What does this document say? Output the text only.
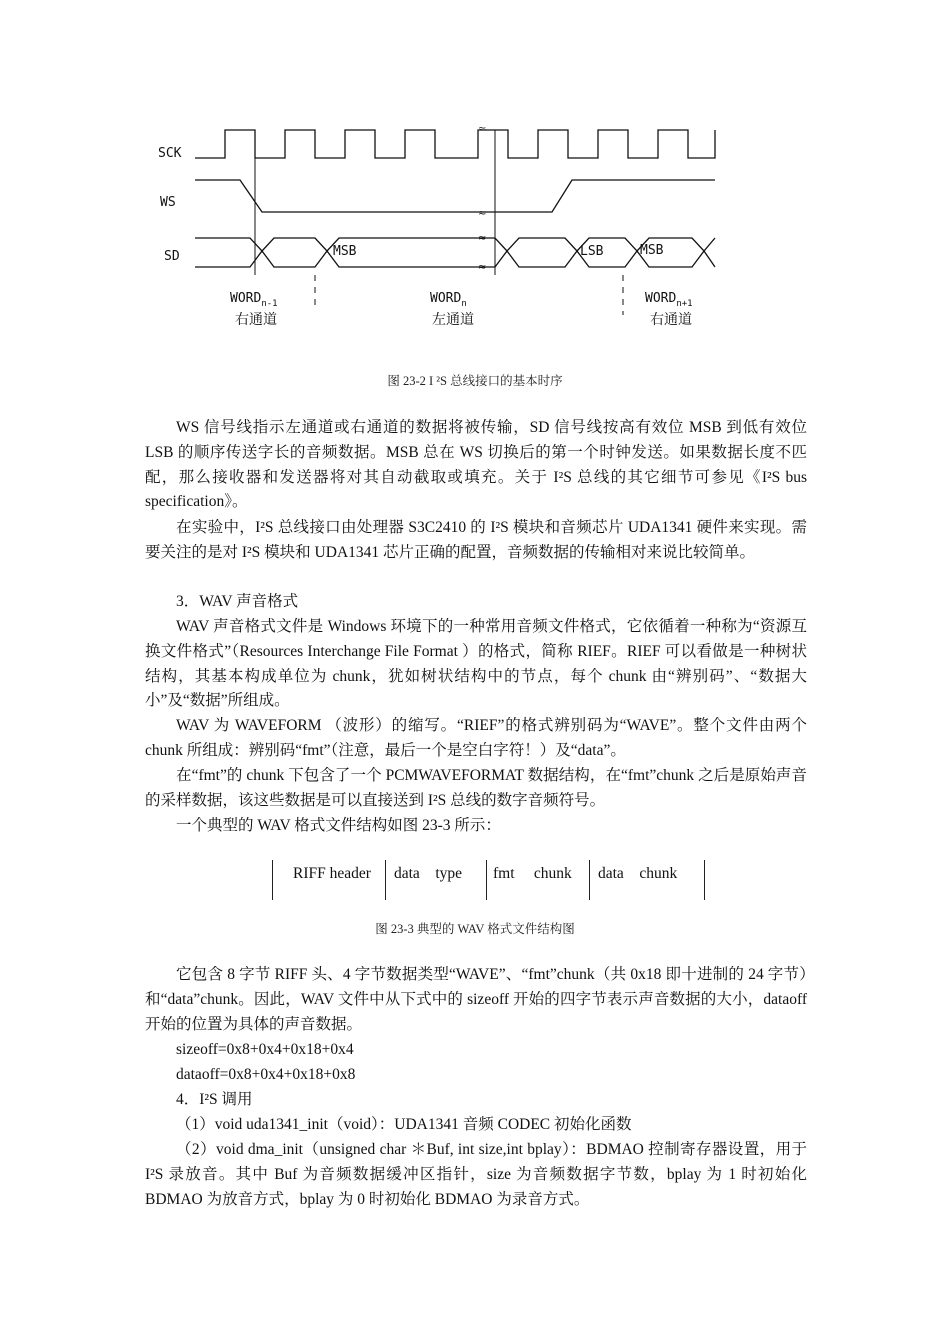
≈
≈
≈
≈
SCK
WS
SD	MSB	LSB	MSB
$WORD_{n-1}$	$WORD_n$	$WORD_{n+1}$
右通道	左通道	右通道
图 23-2 I ²S 总线接口的基本时序
WS 信号线指示左通道或右通道的数据将被传输，SD 信号线按高有效位 MSB 到低有效位 LSB 的顺序传送字长的音频数据。MSB 总在 WS 切换后的第一个时钟发送。如果数据长度不匹配，那么接收器和发送器将对其自动截取或填充。关于 I²S 总线的其它细节可参见《I²S bus specification》。
在实验中，I²S 总线接口由处理器 S3C2410 的 I²S 模块和音频芯片 UDA1341 硬件来实现。需要关注的是对 I²S 模块和 UDA1341 芯片正确的配置，音频数据的传输相对来说比较简单。
3．WAV 声音格式
WAV 声音格式文件是 Windows 环境下的一种常用音频文件格式，它依循着一种称为“资源互换文件格式”（Resources Interchange File Format ）的格式，简称 RIEF。RIEF 可以看做是一种树状结构，其基本构成单位为 chunk，犹如树状结构中的节点，每个 chunk 由“辨别码”、“数据大小”及“数据”所组成。
WAV 为 WAVEFORM （波形）的缩写。“RIEF”的格式辨别码为“WAVE”。整个文件由两个 chunk 所组成：辨别码“fmt”（注意，最后一个是空白字符！）及“data”。
在“fmt”的 chunk 下包含了一个 PCMWAVEFORMAT 数据结构，在“fmt”chunk 之后是原始声音的采样数据，该这些数据是可以直接送到 I²S 总线的数字音频符号。
一个典型的 WAV 格式文件结构如图 23-3 所示：
RIFF header data    type fmt     chunk data    chunk
图 23-3 典型的 WAV 格式文件结构图
它包含 8 字节 RIFF 头、4 字节数据类型“WAVE”、“fmt”chunk（共 0x18 即十进制的 24 字节）和“data”chunk。因此，WAV 文件中从下式中的 sizeoff 开始的四字节表示声音数据的大小，dataoff 开始的位置为具体的声音数据。
sizeoff=0x8+0x4+0x18+0x4
dataoff=0x8+0x4+0x18+0x8
4．I²S 调用
（1）void uda1341_init（void）：UDA1341 音频 CODEC 初始化函数
（2）void dma_init（unsigned char ＊Buf, int size,int bplay）：BDMAO 控制寄存器设置，用于 I²S 录放音。其中 Buf 为音频数据缓冲区指针，size 为音频数据字节数，bplay 为 1 时初始化 BDMAO 为放音方式，bplay 为 0 时初始化 BDMAO 为录音方式。
